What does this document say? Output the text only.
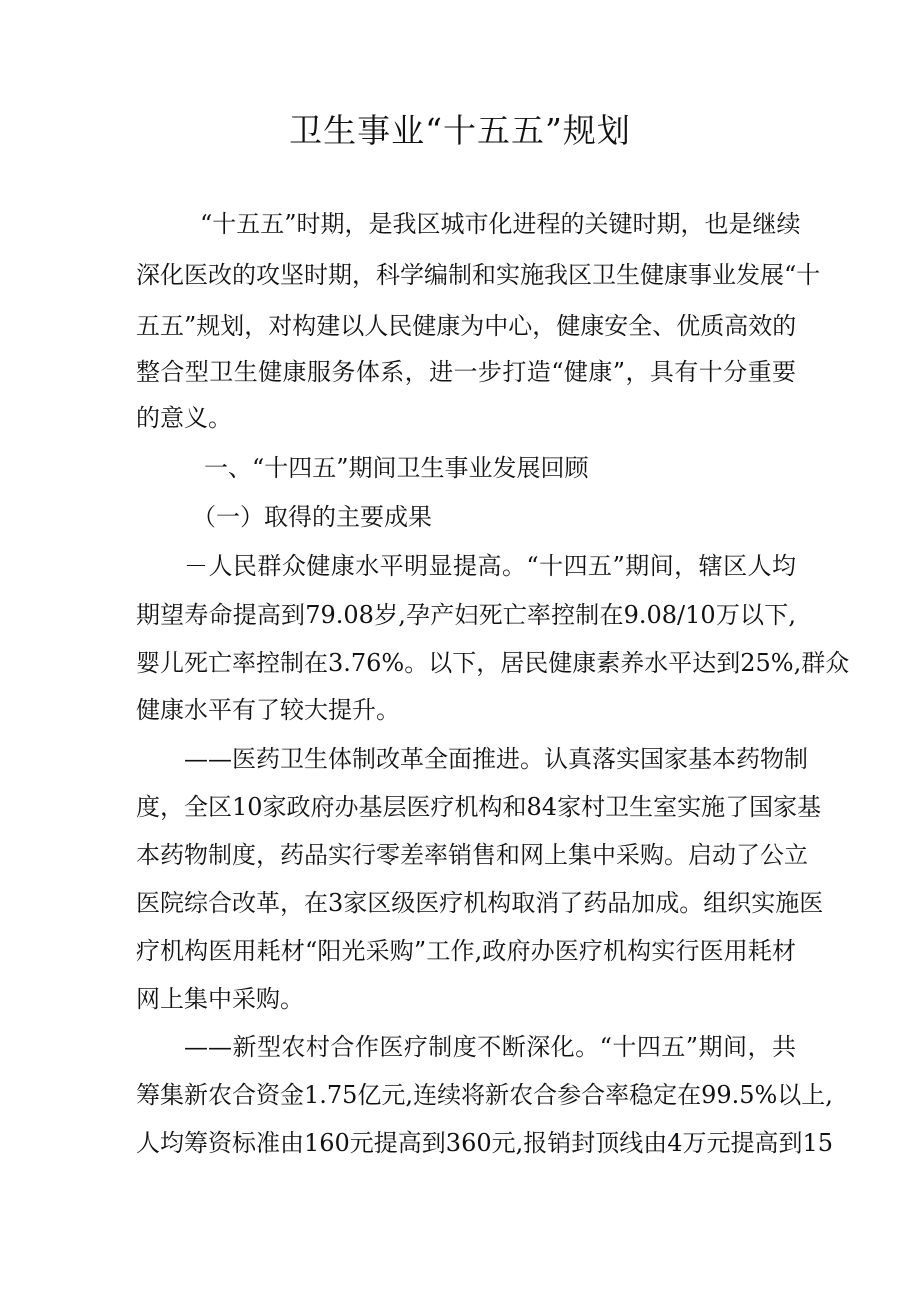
卫生事业“十五五”规划
“十五五”时期，是我区城市化进程的关键时期，也是继续
深化医改的攻坚时期，科学编制和实施我区卫生健康事业发展“十
五五”规划，对构建以人民健康为中心，健康安全、优质高效的
整合型卫生健康服务体系，进一步打造“健康”，具有十分重要
的意义。
一、“十四五”期间卫生事业发展回顾
（一）取得的主要成果
－人民群众健康水平明显提高。“十四五”期间，辖区人均
期望寿命提高到79.08岁,孕产妇死亡率控制在9.08/10万以下,
婴儿死亡率控制在3.76%。以下，居民健康素养水平达到25%,群众
健康水平有了较大提升。
——医药卫生体制改革全面推进。认真落实国家基本药物制
度，全区10家政府办基层医疗机构和84家村卫生室实施了国家基
本药物制度，药品实行零差率销售和网上集中采购。启动了公立
医院综合改革，在3家区级医疗机构取消了药品加成。组织实施医
疗机构医用耗材“阳光采购”工作,政府办医疗机构实行医用耗材
网上集中采购。
——新型农村合作医疗制度不断深化。“十四五”期间，共
筹集新农合资金1.75亿元,连续将新农合参合率稳定在99.5%以上,
人均筹资标准由160元提高到360元,报销封顶线由4万元提高到15
